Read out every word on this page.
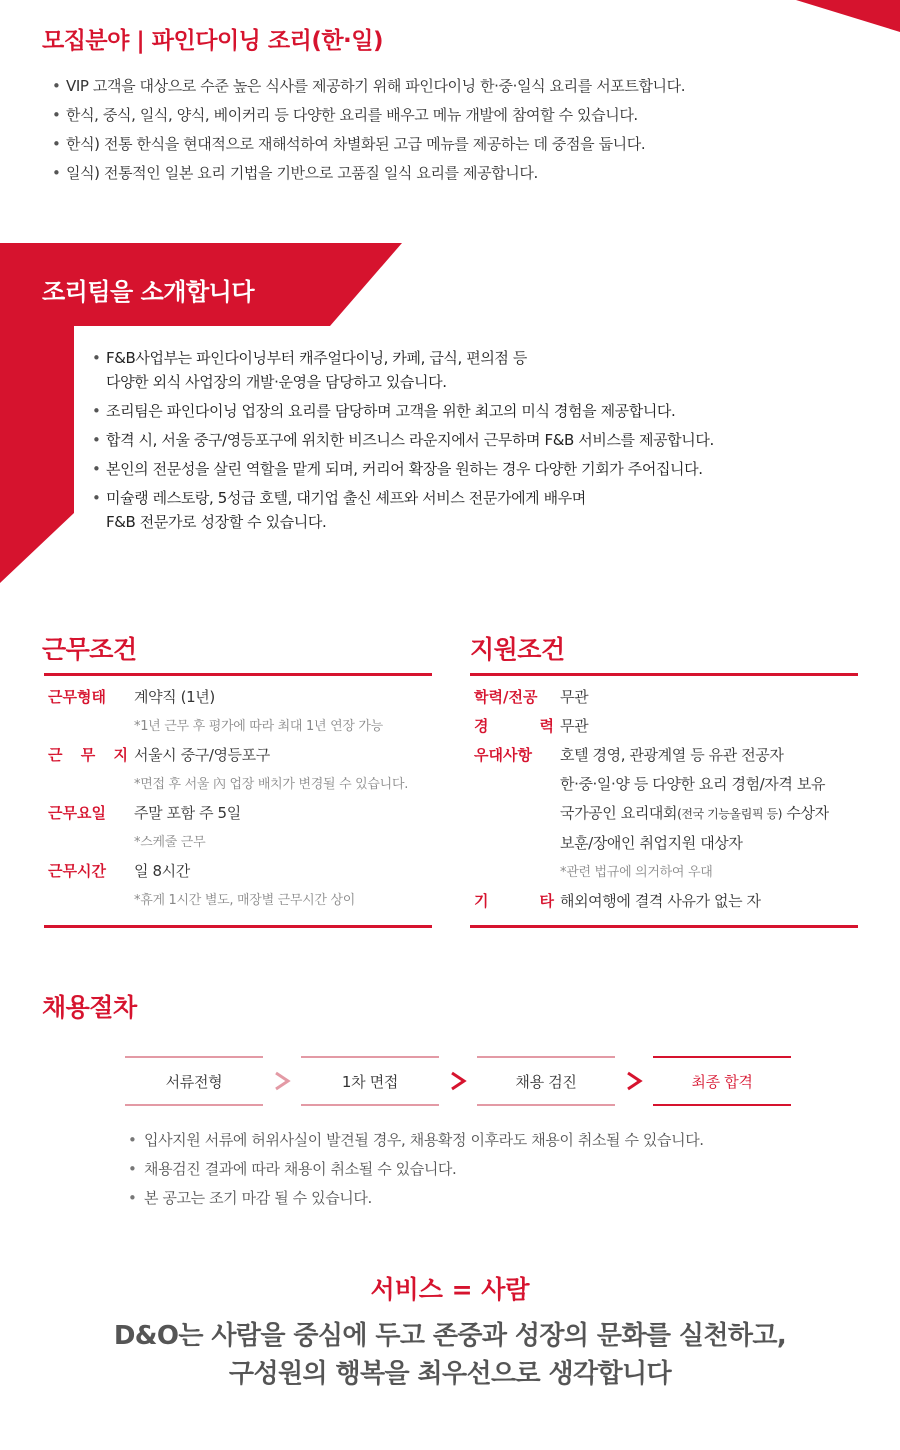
모집분야 | 파인다이닝 조리(한·일)
• VIP 고객을 대상으로 수준 높은 식사를 제공하기 위해 파인다이닝 한·중·일식 요리를 서포트합니다.
• 한식, 중식, 일식, 양식, 베이커리 등 다양한 요리를 배우고 메뉴 개발에 참여할 수 있습니다.
• 한식) 전통 한식을 현대적으로 재해석하여 차별화된 고급 메뉴를 제공하는 데 중점을 둡니다.
• 일식) 전통적인 일본 요리 기법을 기반으로 고품질 일식 요리를 제공합니다.
조리팀을 소개합니다
• F&B사업부는 파인다이닝부터 캐주얼다이닝, 카페, 급식, 편의점 등
다양한 외식 사업장의 개발·운영을 담당하고 있습니다.
• 조리팀은 파인다이닝 업장의 요리를 담당하며 고객을 위한 최고의 미식 경험을 제공합니다.
• 합격 시, 서울 중구/영등포구에 위치한 비즈니스 라운지에서 근무하며 F&B 서비스를 제공합니다.
• 본인의 전문성을 살린 역할을 맡게 되며, 커리어 확장을 원하는 경우 다양한 기회가 주어집니다.
• 미슐랭 레스토랑, 5성급 호텔, 대기업 출신 셰프와 서비스 전문가에게 배우며
F&B 전문가로 성장할 수 있습니다.
근무조건
근무형태	계약직 (1년)
*1년 근무 후 평가에 따라 최대 1년 연장 가능
근 무 지 서울시 중구/영등포구
*면접 후 서울 內 업장 배치가 변경될 수 있습니다.
근무요일	주말 포함 주 5일
*스케줄 근무
근무시간	일 8시간
*휴게 1시간 별도, 매장별 근무시간 상이
지원조건
학력/전공	무관
경	력 무관
우대사항	호텔 경영, 관광계열 등 유관 전공자
한·중·일·양 등 다양한 요리 경험/자격 보유
국가공인 요리대회(전국 기능올림픽 등) 수상자
보훈/장애인 취업지원 대상자
*관련 법규에 의거하여 우대
기	타 해외여행에 결격 사유가 없는 자
채용절차
서류전형	1차 면접	채용 검진	최종 합격
• 입사지원 서류에 허위사실이 발견될 경우, 채용확정 이후라도 채용이 취소될 수 있습니다.
• 채용검진 결과에 따라 채용이 취소될 수 있습니다.
• 본 공고는 조기 마감 될 수 있습니다.
서비스 = 사람

D&O는 사람을 중심에 두고 존중과 성장의 문화를 실천하고,

구성원의 행복을 최우선으로 생각합니다
